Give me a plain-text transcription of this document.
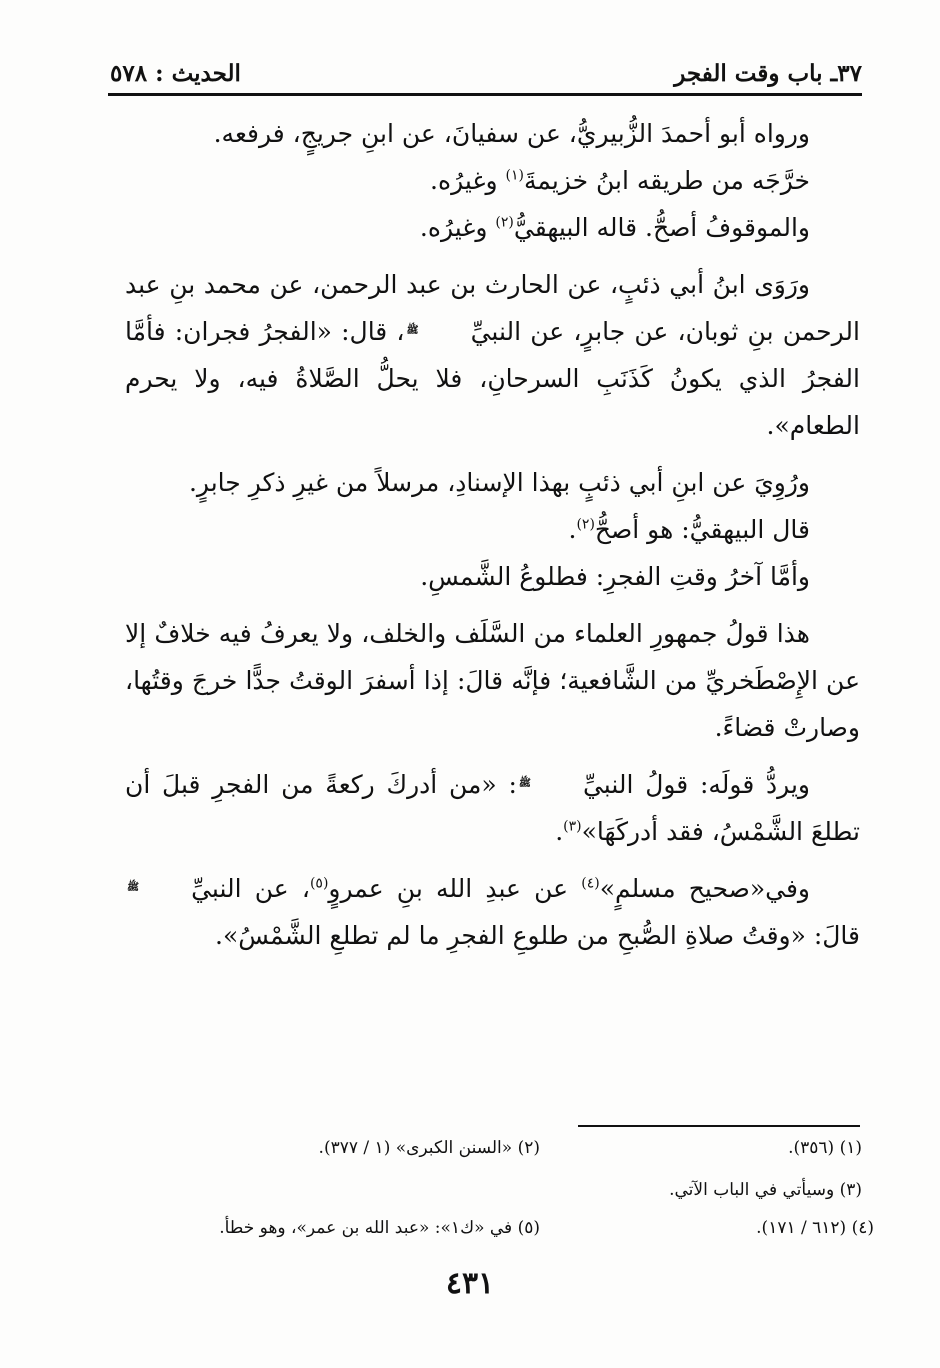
٣٧ـ باب وقت الفجر
الحديث : ٥٧٨

ورواه أبو أحمدَ الزُّبيريُّ، عن سفيانَ، عن ابنِ جريجٍ، فرفعه.

خرَّجَه من طريقه ابنُ خزيمةَ$^{(١)}$ وغيرُه.

والموقوفُ أصحُّ. قاله البيهقيُّ$^{(٢)}$ وغيرُه.

ورَوَى ابنُ أبي ذئبٍ، عن الحارث بن عبد الرحمن، عن محمد بنِ عبد الرحمن بنِ ثوبان، عن جابرٍ، عن النبيِّﷺ، قال: «الفجرُ فجران: فأمَّا الفجرُ الذي يكونُ كَذَنَبِ السرحانِ، فلا يحلُّ الصَّلاةُ فيه، ولا يحرم الطعام».

ورُوِيَ عن ابنِ أبي ذئبٍ بهذا الإسنادِ، مرسلاً من غيرِ ذكرِ جابرٍ.

قال البيهقيُّ: هو أصحُّ$^{(٢)}$.

وأمَّا آخرُ وقتِ الفجرِ: فطلوعُ الشَّمسِ.

هذا قولُ جمهورِ العلماء من السَّلَف والخلف، ولا يعرفُ فيه خلافٌ إلا عن الإِصْطَخريِّ من الشَّافعية؛ فإنَّه قالَ: إذا أسفرَ الوقتُ جدًّا خرجَ وقتُها، وصارتْ قضاءً.

ويردُّ قولَه: قولُ النبيِّﷺ: «من أدركَ ركعةً من الفجرِ قبلَ أن تطلعَ الشَّمْسُ، فقد أدركَهَا»$^{(٣)}$.

وفي«صحيح مسلمٍ»$^{(٤)}$ عن عبدِ الله بنِ عمروٍ$^{(٥)}$، عن النبيِّﷺ قالَ: «وقتُ صلاةِ الصُّبحِ من طلوعِ الفجرِ ما لم تطلعِ الشَّمْسُ».

(١) (٣٥٦).
(٢) «السنن الكبرى» (١ / ٣٧٧).
(٣) وسيأتي في الباب الآتي.
(٤) (٦١٢ / ١٧١).
(٥) في «ك١»: «عبد الله بن عمر»، وهو خطأ.
٤٣١
